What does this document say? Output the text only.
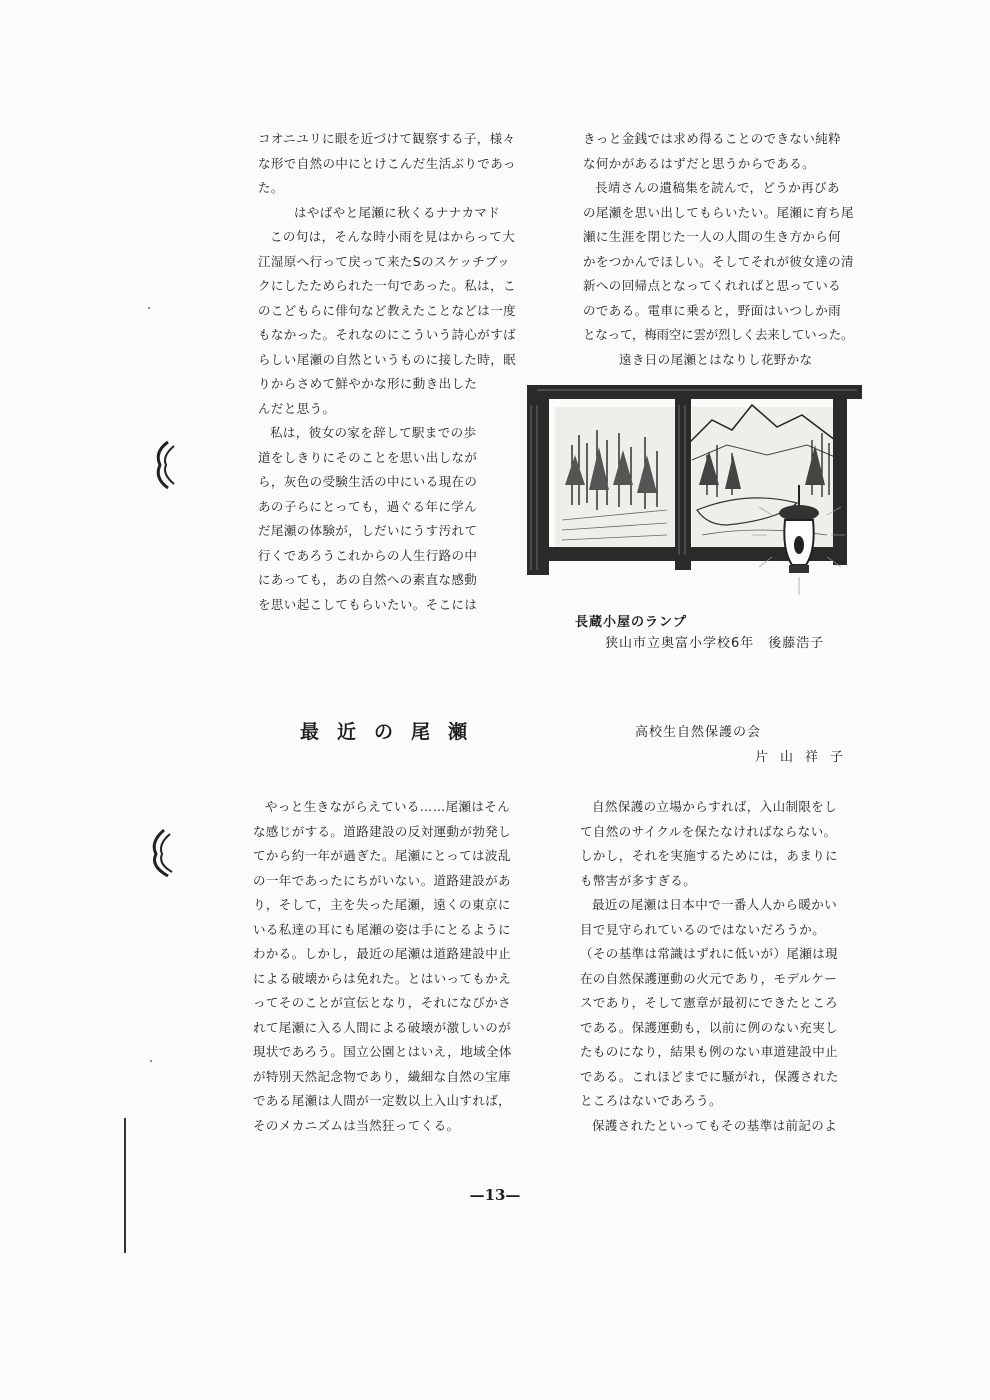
コオニユリに眼を近づけて観察する子，様々

な形で自然の中にとけこんだ生活ぶりであっ

た。

はやばやと尾瀬に秋くるナナカマド

この句は，そんな時小雨を見はからって大

江湿原へ行って戻って来たSのスケッチブッ

クにしたためられた一句であった。私は，こ

のこどもらに俳句など教えたことなどは一度

もなかった。それなのにこういう詩心がすば

らしい尾瀬の自然というものに接した時，眠

りからさめて鮮やかな形に動き出した

んだと思う。

私は，彼女の家を辞して駅までの歩

道をしきりにそのことを思い出しなが

ら，灰色の受験生活の中にいる現在の

あの子らにとっても，過ぐる年に学ん

だ尾瀬の体験が，しだいにうす汚れて

行くであろうこれからの人生行路の中

にあっても，あの自然への素直な感動

を思い起こしてもらいたい。そこには

きっと金銭では求め得ることのできない純粋

な何かがあるはずだと思うからである。

長靖さんの遺稿集を読んで，どうか再びあ

の尾瀬を思い出してもらいたい。尾瀬に育ち尾

瀬に生涯を閉じた一人の人間の生き方から何

かをつかんでほしい。そしてそれが彼女達の清

新への回帰点となってくれればと思っている

のである。電車に乗ると，野面はいつしか雨

となって，梅雨空に雲が烈しく去来していった。

遠き日の尾瀬とはなりし花野かな

長蔵小屋のランプ
狭山市立奥富小学校6年　後藤浩子
最近の尾瀬	高校生自然保護の会
片山祥子

やっと生きながらえている……尾瀬はそん

な感じがする。道路建設の反対運動が勃発し

てから約一年が過ぎた。尾瀬にとっては波乱

の一年であったにちがいない。道路建設があ

り，そして，主を失った尾瀬，遠くの東京に

いる私達の耳にも尾瀬の姿は手にとるように

わかる。しかし，最近の尾瀬は道路建設中止

による破壊からは免れた。とはいってもかえ

ってそのことが宣伝となり，それになびかさ

れて尾瀬に入る人間による破壊が激しいのが

現状であろう。国立公園とはいえ，地域全体

が特別天然記念物であり，繊細な自然の宝庫

である尾瀬は人間が一定数以上入山すれば，

そのメカニズムは当然狂ってくる。

自然保護の立場からすれば，入山制限をし

て自然のサイクルを保たなければならない。

しかし，それを実施するためには，あまりに

も幣害が多すぎる。

最近の尾瀬は日本中で一番人人から暖かい

目で見守られているのではないだろうか。

（その基準は常識はずれに低いが）尾瀬は現

在の自然保護運動の火元であり，モデルケー

スであり，そして憲章が最初にできたところ

である。保護運動も，以前に例のない充実し

たものになり，結果も例のない車道建設中止

である。これほどまでに騒がれ，保護された

ところはないであろう。

保護されたといってもその基準は前記のよ

—13—
